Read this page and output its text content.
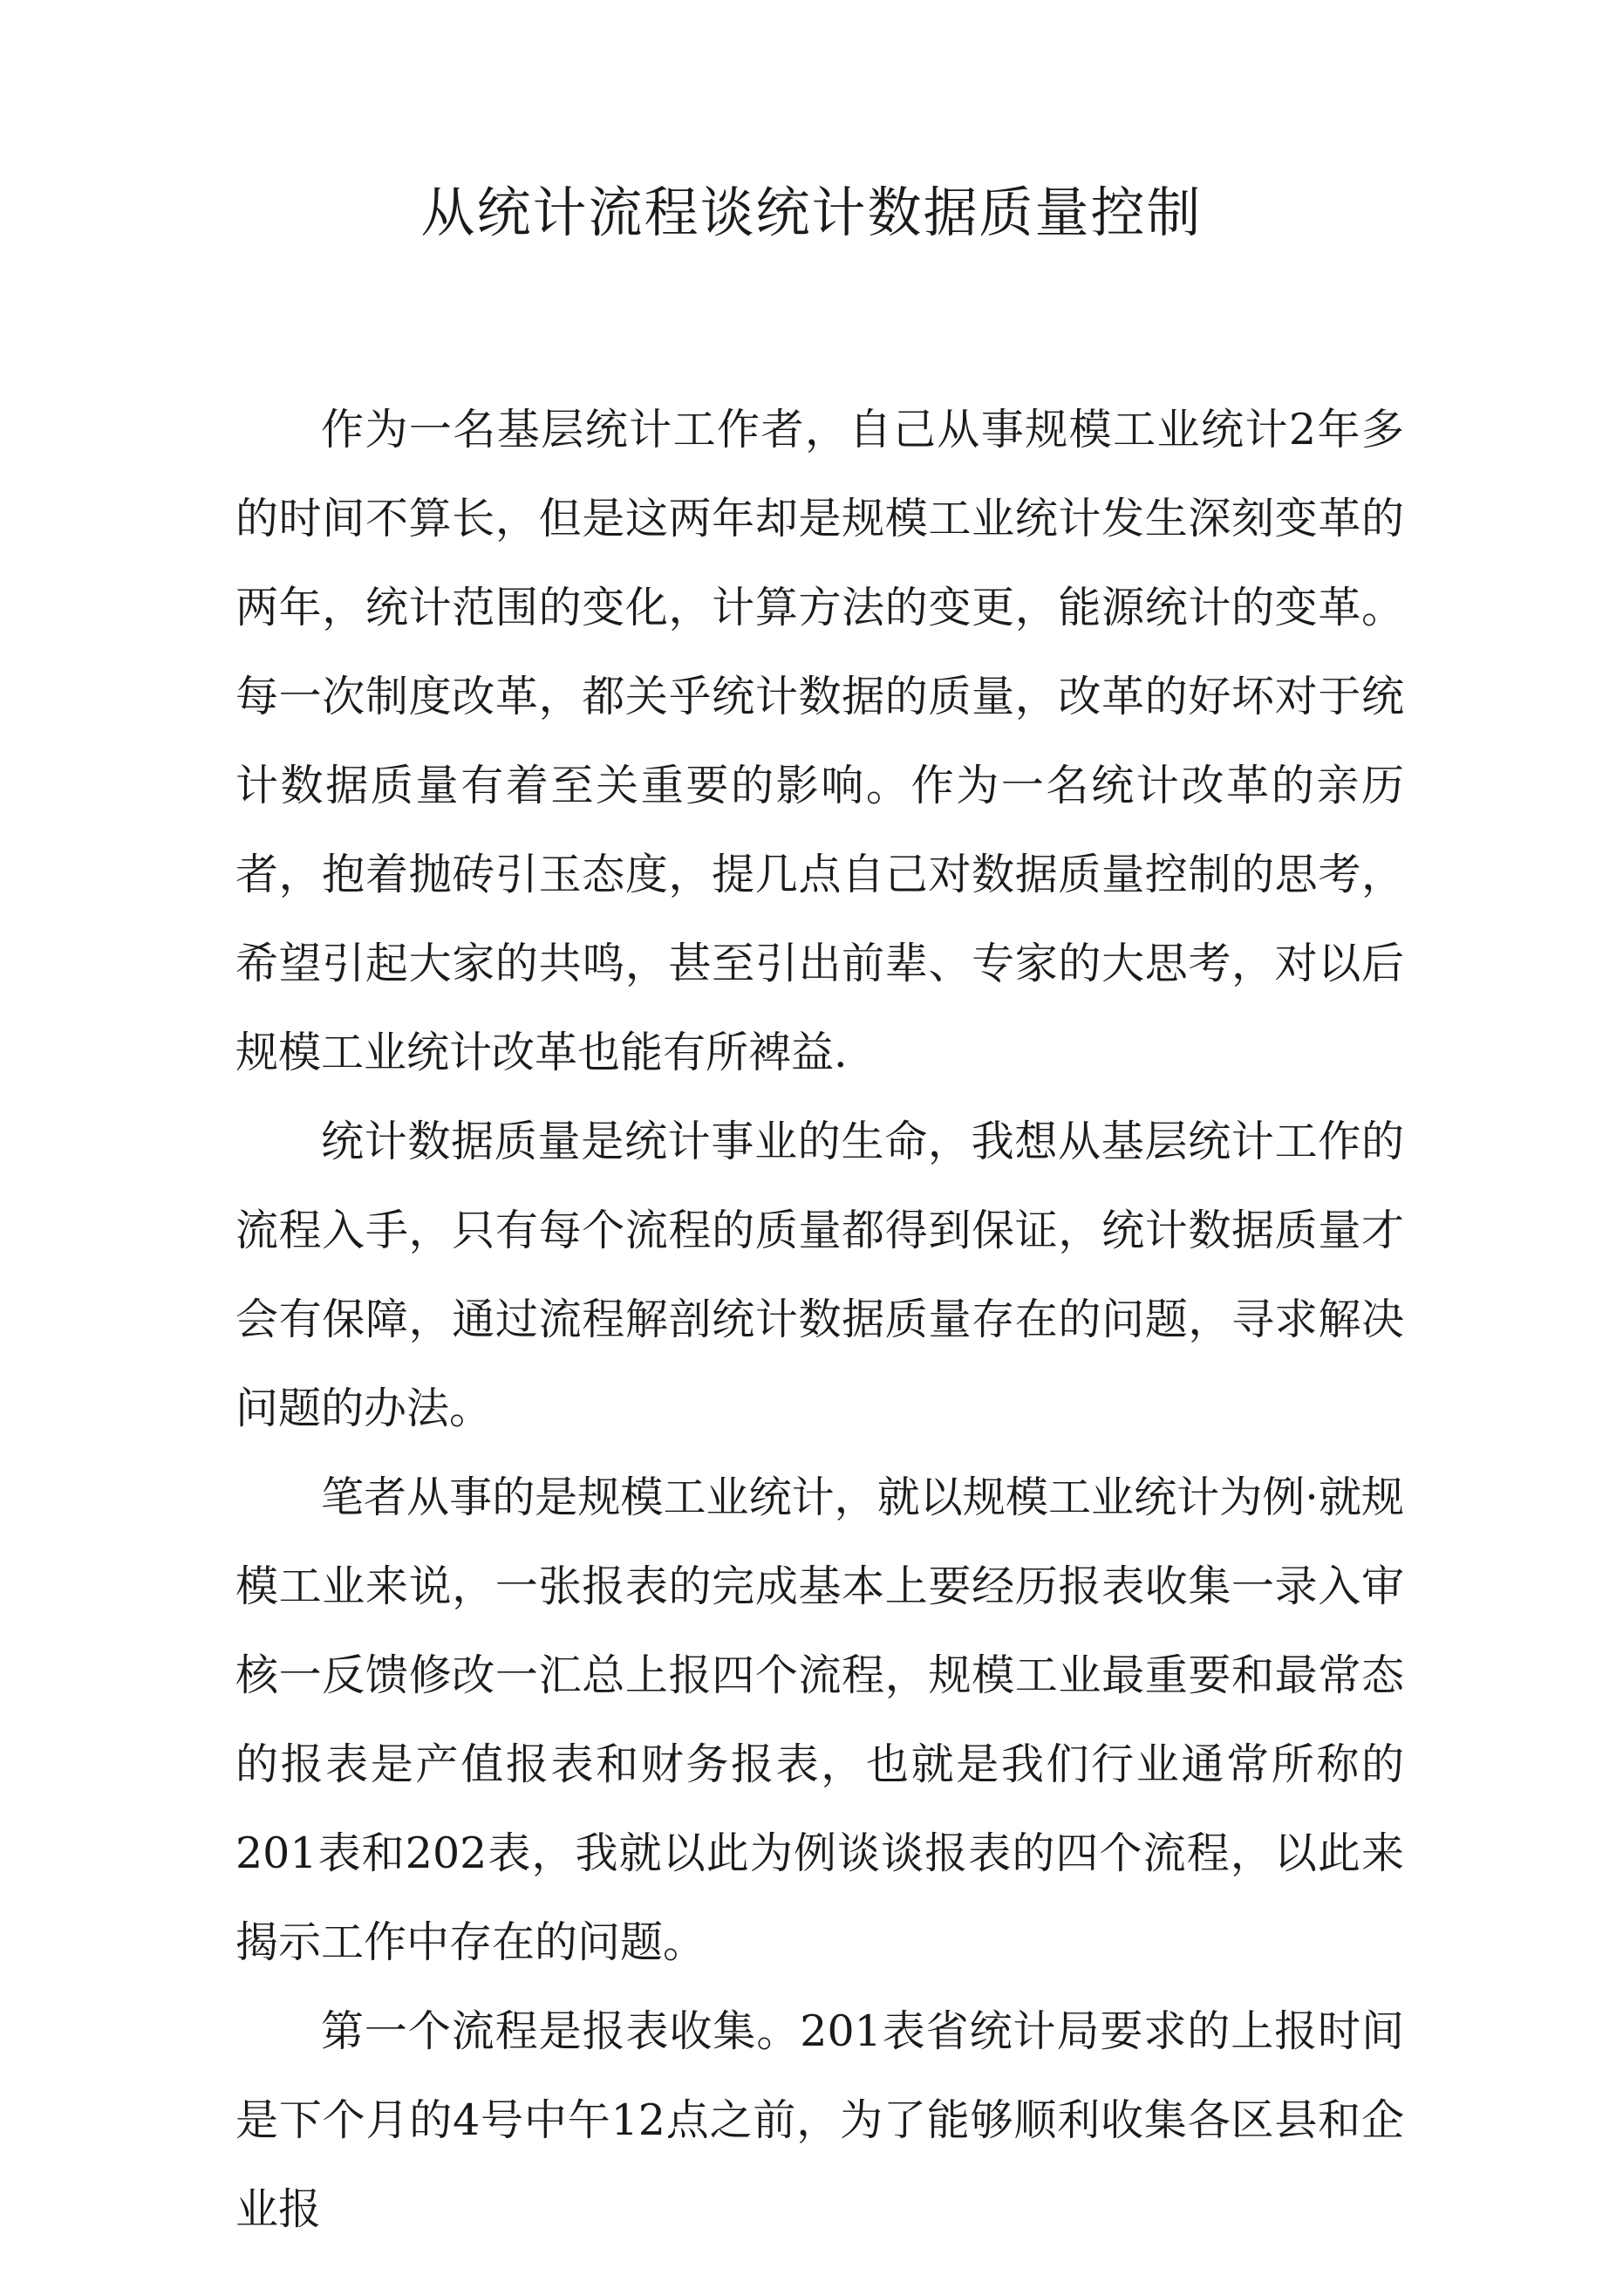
从统计流程谈统计数据质量控制

作为一名基层统计工作者，自己从事规模工业统计2年多的时间不算长，但是这两年却是规模工业统计发生深刻变革的两年，统计范围的变化，计算方法的变更，能源统计的变革。每一次制度改革，都关乎统计数据的质量，改革的好坏对于统计数据质量有着至关重要的影响。作为一名统计改革的亲历者，抱着抛砖引玉态度，提几点自己对数据质量控制的思考，希望引起大家的共鸣，甚至引出前辈、专家的大思考，对以后规模工业统计改革也能有所裨益.

统计数据质量是统计事业的生命，我想从基层统计工作的流程入手，只有每个流程的质量都得到保证，统计数据质量才会有保障，通过流程解剖统计数据质量存在的问题，寻求解决问题的办法。

笔者从事的是规模工业统计，就以规模工业统计为例·就规模工业来说，一张报表的完成基本上要经历报表收集一录入审核一反馈修改一汇总上报四个流程，规模工业最重要和最常态的报表是产值报表和财务报表，也就是我们行业通常所称的201表和202表，我就以此为例谈谈报表的四个流程，以此来揭示工作中存在的问题。

第一个流程是报表收集。201表省统计局要求的上报时间是下个月的4号中午12点之前，为了能够顺利收集各区县和企业报
